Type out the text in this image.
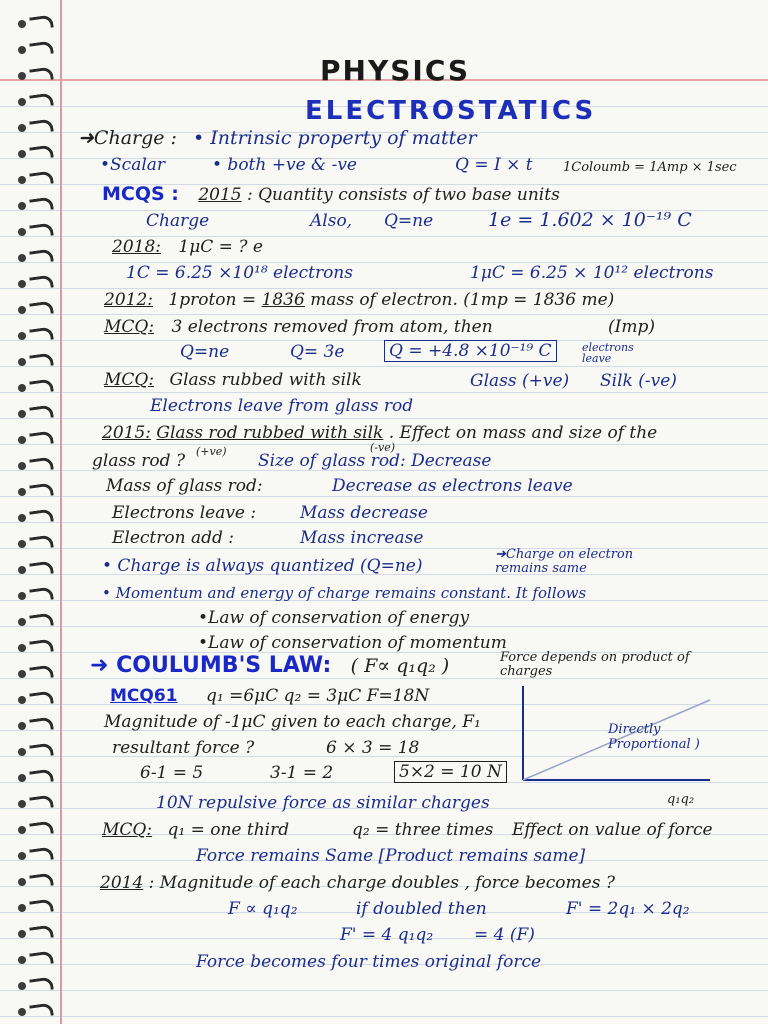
PHYSICS
ELECTROSTATICS
➜Charge : • Intrinsic property of matter
•Scalar	• both +ve & -ve	Q = I × t 1Coloumb = 1Amp × 1sec
MCQS : 2015 : Quantity consists of two base units
Charge	Also, Q=ne	1e = 1.602 × 10⁻¹⁹ C
2018: 1μC = ? e
1C = 6.25 ×10¹⁸ electrons	1μC = 6.25 × 10¹² electrons
2012: 1proton = 1836 mass of electron. (1mp = 1836 me)
MCQ: 3 electrons removed from atom, then	(Imp)
Q=ne	Q= 3e	Q = +4.8 ×10⁻¹⁹ C	electrons leave
MCQ: Glass rubbed with silk	Glass (+ve) Silk (-ve)
Electrons leave from glass rod
2015: Glass rod rubbed with silk . Effect on mass and size of the
(+ve)	(-ve)
glass rod ?	Size of glass rod: Decrease
Mass of glass rod:	Decrease as electrons leave
Electrons leave :	Mass decrease
Electron add :	Mass increase
• Charge is always quantized (Q=ne)
➜Charge on electron remains same
• Momentum and energy of charge remains constant. It follows
•Law of conservation of energy
•Law of conservation of momentum
➜ COULUMB'S LAW: ( F∝ q₁q₂ )	Force depends on product of charges
MCQ61 q₁ =6μC q₂ = 3μC F=18N
Magnitude of -1μC given to each charge, F₁
resultant force ?	6 × 3 = 18
6-1 = 5	3-1 = 2	5×2 = 10 N
10N repulsive force as similar charges
MCQ: q₁ = one third	q₂ = three times Effect on value of force
Force remains Same [Product remains same]
2014 : Magnitude of each charge doubles , force becomes ?
F ∝ q₁q₂	if doubled then	F' = 2q₁ × 2q₂
F' = 4 q₁q₂ = 4 (F)
Force becomes four times original force
Directly Proportional )
q₁q₂
